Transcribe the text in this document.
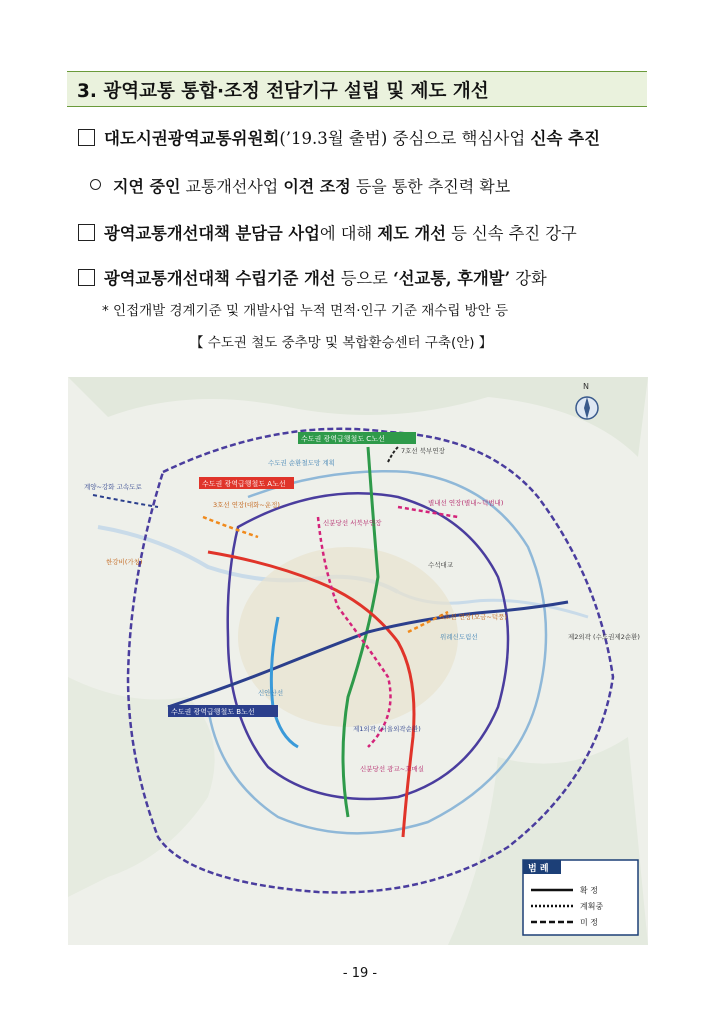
3. 광역교통 통합·조정 전담기구 설립 및 제도 개선
대도시권광역교통위원회(’19.3월 출범) 중심으로 핵심사업 신속 추진
지연 중인 교통개선사업 이견 조정 등을 통한 추진력 확보
광역교통개선대책 분담금 사업에 대해 제도 개선 등 신속 추진 강구
광역교통개선대책 수립기준 개선 등으로 ‘선교통, 후개발’ 강화
* 인접개발 경계기준 및 개발사업 누적 면적·인구 기준 재수립 방안 등
【 수도권 철도 중추망 및 복합환승센터 구축(안) 】
N
수도권 광역급행철도 C노선
수도권 광역급행철도 A노선
수도권 광역급행철도 B노선
수도권 순환철도망 계획
7호선 북부연장
계양~강화 고속도로
3호선 연장(대화~운정)
신분당선 서북부연장
별내선 연장(별내~덕범내)
수석대교
3호선 연장(오금~덕풍)
위례신도림선	제2외곽 (수도권제2순환)
신안산선
제1외곽 (서울외곽순환)
신분당선 광교~호매실
한강비(가칭)
범 례
확 정
계획중
미 정
- 19 -
